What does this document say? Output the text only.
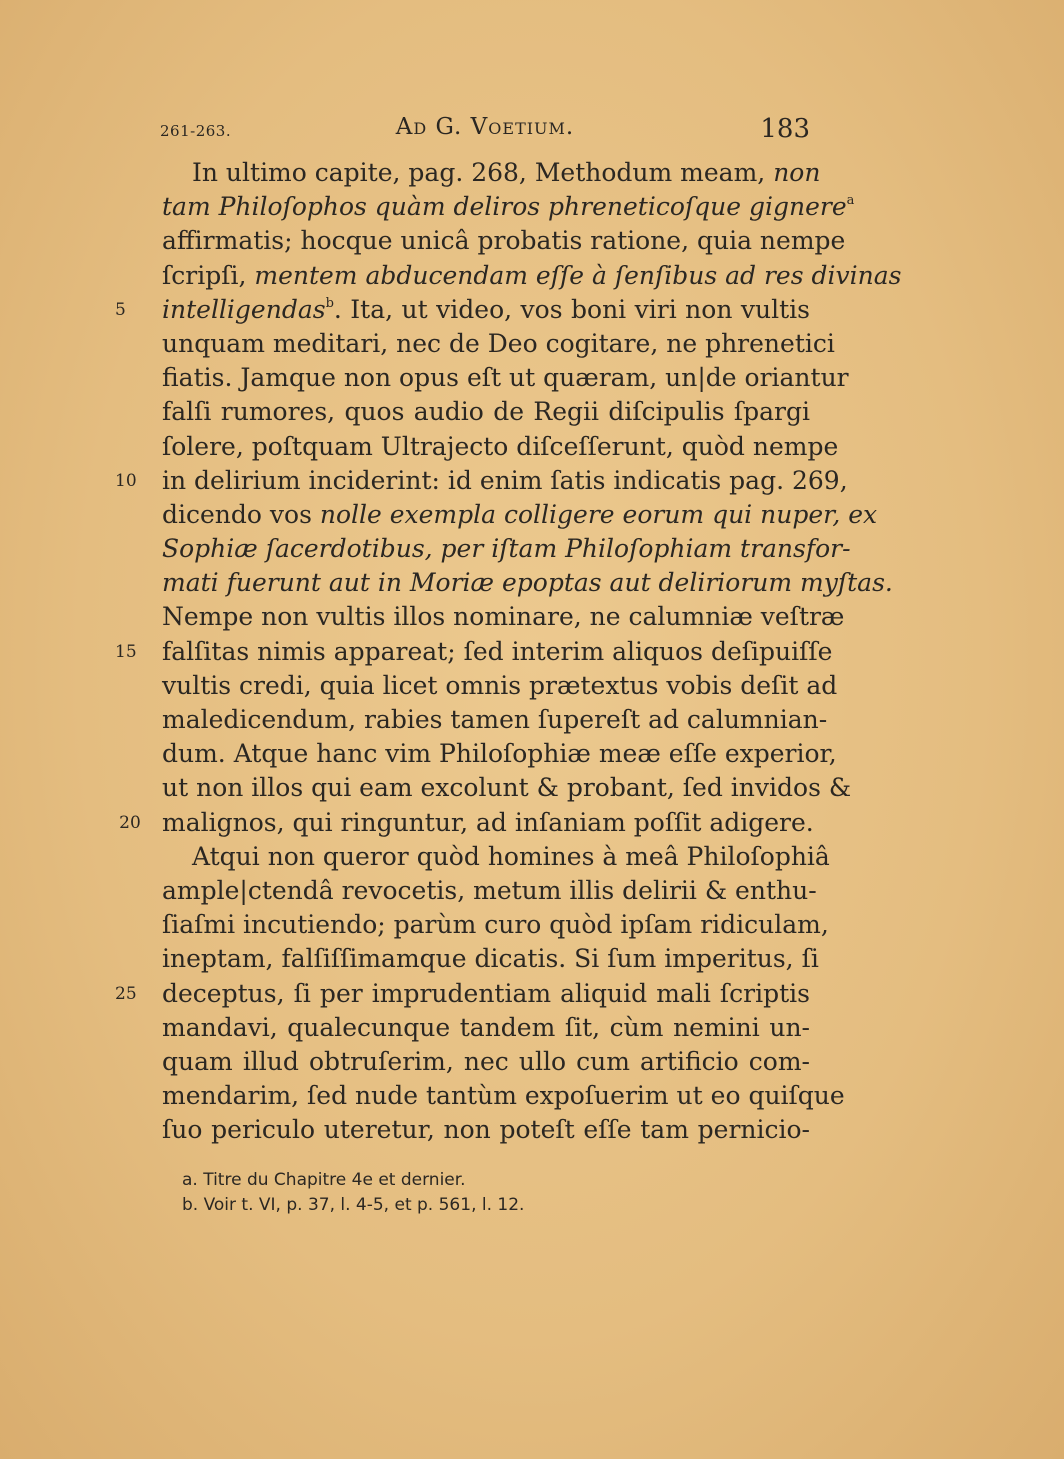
261-263.	Ad G. Voetium.	183
In ultimo capite, pag. 268, Methodum meam, non
tam Philoſophos quàm deliros phreneticoſque gignere$^a$
affirmatis; hocque unicâ probatis ratione, quia nempe
ſcripſi, mentem abducendam eſſe à ſenſibus ad res divinas
5	intelligendas$^b$. Ita, ut video, vos boni viri non vultis
unquam meditari, nec de Deo cogitare, ne phrenetici
fiatis. Jamque non opus eſt ut quæram, un|de oriantur
falſi rumores, quos audio de Regii diſcipulis ſpargi
ſolere, poſtquam Ultrajectо diſceſſerunt, quòd nempe
10	in delirium inciderint: id enim ſatis indicatis pag. 269,
dicendo vos nolle exempla colligere eorum qui nuper, ex
Sophiæ ſacerdotibus, per iſtam Philoſophiam transfor-
mati fuerunt aut in Moriæ epoptas aut deliriorum myſtas.
Nempe non vultis illos nominare, ne calumniæ veſtræ
15	falſitas nimis appareat; ſed interim aliquos deſipuiſſe
vultis credi, quia licet omnis prætextus vobis deſit ad
maledicendum, rabies tamen ſupereſt ad calumnian-
dum. Atque hanc vim Philoſophiæ meæ eſſe experior,
ut non illos qui eam excolunt & probant, ſed invidos &
20 malignos, qui ringuntur, ad inſaniam poſſit adigere.
Atqui non queror quòd homines à meâ Philoſophiâ
ample|ctendâ revocetis, metum illis delirii & enthu-
ſiaſmi incutiendo; parùm curo quòd ipſam ridiculam,
ineptam, falſiſſimamque dicatis. Si ſum imperitus, ſi
25	deceptus, ſi per imprudentiam aliquid mali ſcriptis
mandavi, qualecunque tandem ſit, cùm nemini un-
quam illud obtruſerim, nec ullo cum artificio com-
mendarim, ſed nude tantùm expoſuerim ut eo quiſque
ſuo periculo uteretur, non poteſt eſſe tam pernicio-
a. Titre du Chapitre 4e et dernier.
b. Voir t. VI, p. 37, l. 4-5, et p. 561, l. 12.
